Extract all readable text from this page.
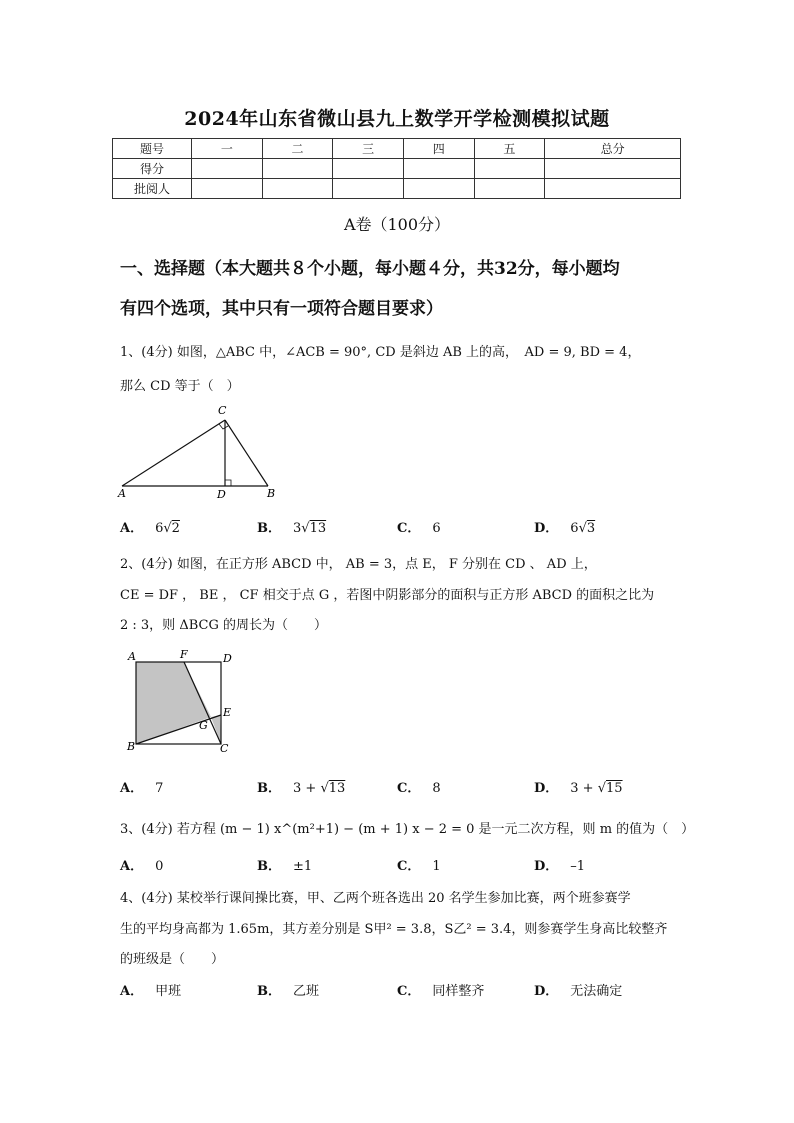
2024年山东省微山县九上数学开学检测模拟试题
题号	一	二	三	四	五	总分
得分						
批阅人						
A卷（100分）
一、选择题（本大题共８个小题，每小题４分，共32分，每小题均
有四个选项，其中只有一项符合题目要求）
1、(4分) 如图，△ABC 中，∠ACB = 90°, CD 是斜边 AB 上的高，　AD = 9, BD = 4，
那么 CD 等于（　）
C
A	D	B
A． 6√2	B． 3√13	C． 6	D． 6√3
2、(4分) 如图，在正方形 ABCD 中， AB = 3，点 E， F 分别在 CD 、 AD 上，
CE = DF ， BE ， CF 相交于点 G ，若图中阴影部分的面积与正方形 ABCD 的面积之比为
2 : 3，则 ΔBCG 的周长为（　　）
A	F	D
E
G
B	C
A． 7	B． 3 + √13	C． 8	D． 3 + √15
3、(4分) 若方程 (m − 1) x^(m²+1) − (m + 1) x − 2 = 0 是一元二次方程，则 m 的值为（　）
A． 0	B． ±1	C． 1	D． –1
4、(4分) 某校举行课间操比赛，甲、乙两个班各选出 20 名学生参加比赛，两个班参赛学
生的平均身高都为 1.65m，其方差分别是 S甲² = 3.8，S乙² = 3.4，则参赛学生身高比较整齐
的班级是（　　）
A． 甲班	B． 乙班	C． 同样整齐	D． 无法确定
